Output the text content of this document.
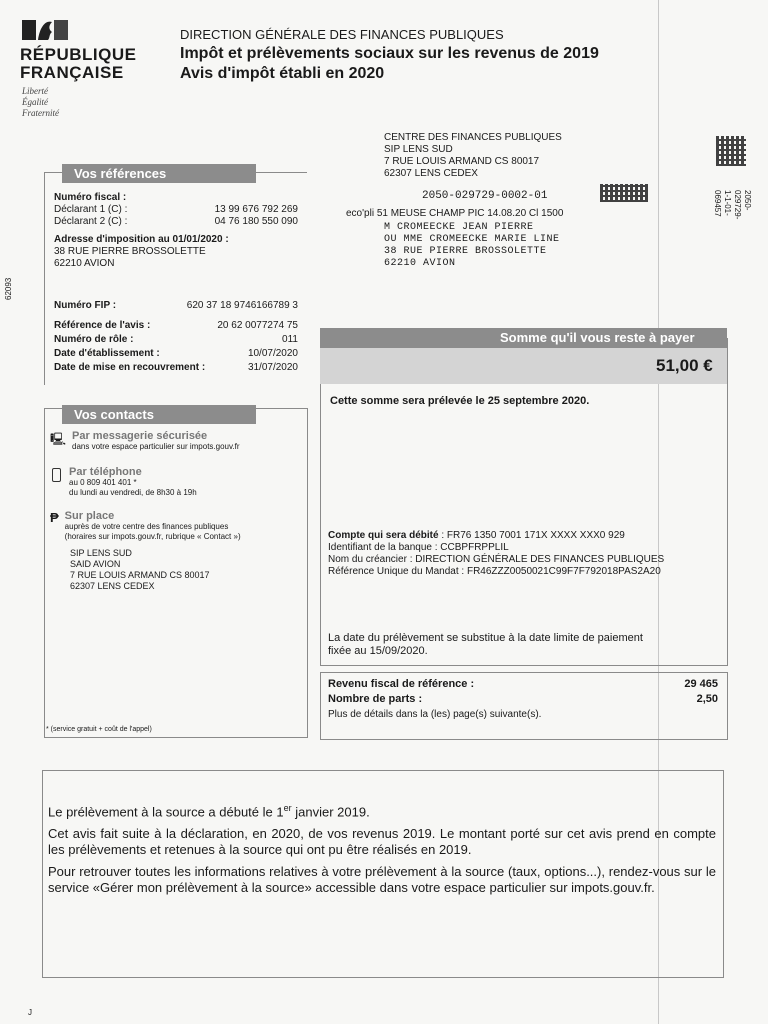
RÉPUBLIQUE
FRANÇAISE
Liberté
Égalité
Fraternité
DIRECTION GÉNÉRALE DES FINANCES PUBLIQUES
Impôt et prélèvements sociaux sur les revenus de 2019
Avis d'impôt établi en 2020
CENTRE DES FINANCES PUBLIQUES
SIP LENS SUD
7 RUE LOUIS ARMAND CS 80017
62307 LENS CEDEX
2050-029729-0002-01
eco'pli 51 MEUSE CHAMP PIC 14.08.20 Cl 1500
M CROMEECKE JEAN PIERRE
OU MME CROMEECKE MARIE LINE
38 RUE PIERRE BROSSOLETTE
62210 AVION
62093
2050-029729-1-1-01-069457
Vos références
Numéro fiscal :
Déclarant 1 (C) :	13 99 676 792 269
Déclarant 2 (C) :	04 76 180 550 090
Adresse d'imposition au 01/01/2020 :
38 RUE PIERRE BROSSOLETTE
62210 AVION
Numéro FIP :	620 37 18 9746166789 3
Référence de l'avis :	20 62 0077274 75
Numéro de rôle :	011
Date d'établissement :	10/07/2020
Date de mise en recouvrement :	31/07/2020
Vos contacts
🖳 Par messagerie sécurisée
dans votre espace particulier sur impots.gouv.fr
Par téléphone
au 0 809 401 401 *
du lundi au vendredi, de 8h30 à 19h
₱ Sur place
auprès de votre centre des finances publiques
(horaires sur impots.gouv.fr, rubrique « Contact »)
SIP LENS SUD
SAID AVION
7 RUE LOUIS ARMAND CS 80017
62307 LENS CEDEX
* (service gratuit + coût de l'appel)
Somme qu'il vous reste à payer
51,00 €
Cette somme sera prélevée le 25 septembre 2020.
Compte qui sera débité : FR76 1350 7001 171X XXXX XXX0 929
Identifiant de la banque : CCBPFRPPLIL
Nom du créancier : DIRECTION GÉNÉRALE DES FINANCES PUBLIQUES
Référence Unique du Mandat : FR46ZZZ0050021C99F7F792018PAS2A20
La date du prélèvement se substitue à la date limite de paiement
fixée au 15/09/2020.
Revenu fiscal de référence :	29 465
Nombre de parts :	2,50
Plus de détails dans la (les) page(s) suivante(s).
Le prélèvement à la source a débuté le 1er janvier 2019.
Cet avis fait suite à la déclaration, en 2020, de vos revenus 2019. Le montant porté sur cet avis prend en compte les prélèvements et retenues à la source qui ont pu être réalisés en 2019.
Pour retrouver toutes les informations relatives à votre prélèvement à la source (taux, options...), rendez-vous sur le service «Gérer mon prélèvement à la source» accessible dans votre espace particulier sur impots.gouv.fr.
J
